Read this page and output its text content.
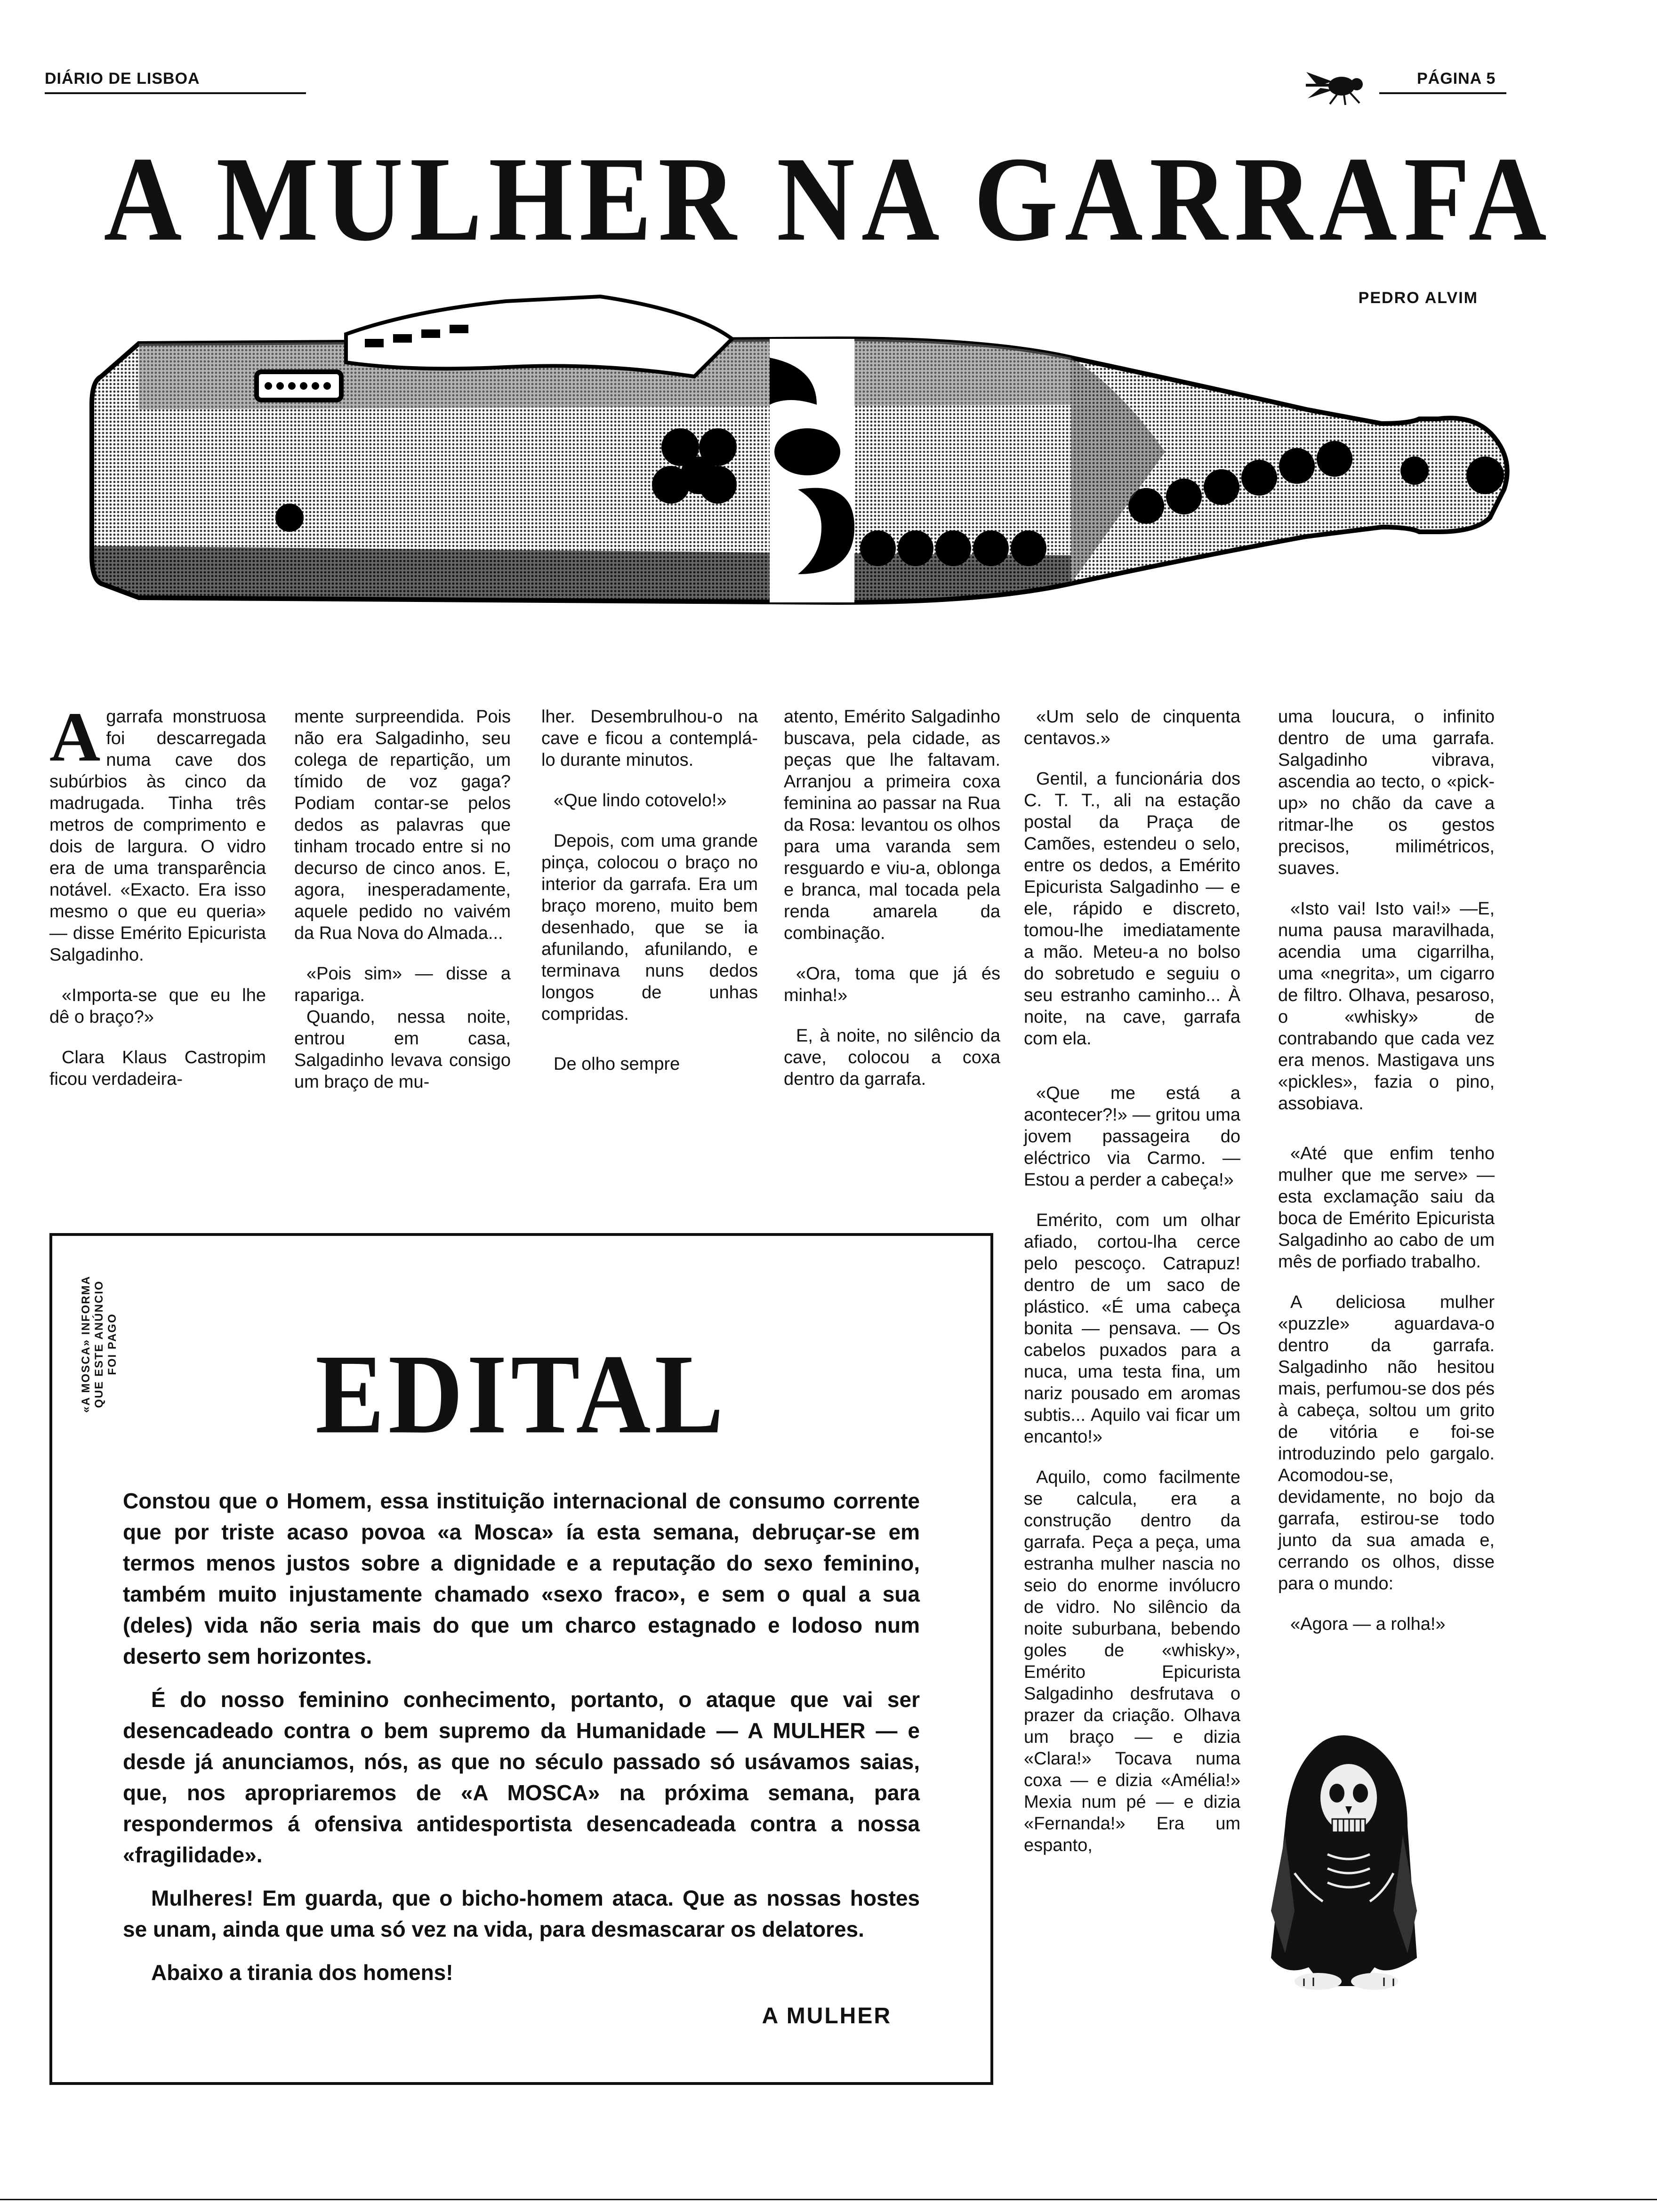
DIÁRIO DE LISBOA	PÁGINA 5
A MULHER NA GARRAFA
PEDRO ALVIM

Agarrafa monstruosa foi descarregada numa cave dos subúrbios às cinco da madrugada. Tinha três metros de comprimento e dois de largura. O vidro era de uma transparência notável. «Exacto. Era isso mesmo o que eu queria» — disse Emérito Epicurista Salgadinho.

«Importa-se que eu lhe dê o braço?»

Clara Klaus Castropim ficou verdadeira-

mente surpreendida. Pois não era Salgadinho, seu colega de repartição, um tímido de voz gaga? Podiam contar-se pelos dedos as palavras que tinham trocado entre si no decurso de cinco anos. E, agora, inesperadamente, aquele pedido no vaivém da Rua Nova do Almada...

«Pois sim» — disse a rapariga.

Quando, nessa noite, entrou em casa, Salgadinho levava consigo um braço de mu-

lher. Desembrulhou-o na cave e ficou a contemplá-lo durante minutos.

«Que lindo cotovelo!»

Depois, com uma grande pinça, colocou o braço no interior da garrafa. Era um braço moreno, muito bem desenhado, que se ia afunilando, afunilando, e terminava nuns dedos longos de unhas compridas.

De olho sempre

atento, Emérito Salgadinho buscava, pela cidade, as peças que lhe faltavam. Arranjou a primeira coxa feminina ao passar na Rua da Rosa: levantou os olhos para uma varanda sem resguardo e viu-a, oblonga e branca, mal tocada pela renda amarela da combinação.

«Ora, toma que já és minha!»

E, à noite, no silêncio da cave, colocou a coxa dentro da garrafa.

«Um selo de cinquenta centavos.»

Gentil, a funcionária dos C. T. T., ali na estação postal da Praça de Camões, estendeu o selo, entre os dedos, a Emérito Epicurista Salgadinho — e ele, rápido e discreto, tomou-lhe imediatamente a mão. Meteu-a no bolso do sobretudo e seguiu o seu estranho caminho... À noite, na cave, garrafa com ela.

«Que me está a acontecer?!» — gritou uma jovem passageira do eléctrico via Carmo. — Estou a perder a cabeça!»

Emérito, com um olhar afiado, cortou-lha cerce pelo pescoço. Catrapuz! dentro de um saco de plástico. «É uma cabeça bonita — pensava. — Os cabelos puxados para a nuca, uma testa fina, um nariz pousado em aromas subtis... Aquilo vai ficar um encanto!»

Aquilo, como facilmente se calcula, era a construção dentro da garrafa. Peça a peça, uma estranha mulher nascia no seio do enorme invólucro de vidro. No silêncio da noite suburbana, bebendo goles de «whisky», Emérito Epicurista Salgadinho desfrutava o prazer da criação. Olhava um braço — e dizia «Clara!» Tocava numa coxa — e dizia «Amélia!» Mexia num pé — e dizia «Fernanda!» Era um espanto,

uma loucura, o infinito dentro de uma garrafa. Salgadinho vibrava, ascendia ao tecto, o «pick-up» no chão da cave a ritmar-lhe os gestos precisos, milimétricos, suaves.

«Isto vai! Isto vai!» —E, numa pausa maravilhada, acendia uma cigarrilha, uma «negrita», um cigarro de filtro. Olhava, pesaroso, o «whisky» de contrabando que cada vez era menos. Mastigava uns «pickles», fazia o pino, assobiava.

«Até que enfim tenho mulher que me serve» — esta exclamação saiu da boca de Emérito Epicurista Salgadinho ao cabo de um mês de porfiado trabalho.

A deliciosa mulher «puzzle» aguardava-o dentro da garrafa. Salgadinho não hesitou mais, perfumou-se dos pés à cabeça, soltou um grito de vitória e foi-se introduzindo pelo gargalo. Acomodou-se, devidamente, no bojo da garrafa, estirou-se todo junto da sua amada e, cerrando os olhos, disse para o mundo:

«Agora — a rolha!»

«A MOSCA» INFORMA QUE ESTE ANÚNCIO FOI PAGO	EDITAL

Constou que o Homem, essa instituição internacional de consumo corrente que por triste acaso povoa «a Mosca» ía esta semana, debruçar-se em termos menos justos sobre a dignidade e a reputação do sexo feminino, também muito injustamente chamado «sexo fraco», e sem o qual a sua (deles) vida não seria mais do que um charco estagnado e lodoso num deserto sem horizontes.

É do nosso feminino conhecimento, portanto, o ataque que vai ser desencadeado contra o bem supremo da Humanidade — A MULHER — e desde já anunciamos, nós, as que no século passado só usávamos saias, que, nos apropriaremos de «A MOSCA» na próxima semana, para respondermos á ofensiva antidesportista desencadeada contra a nossa «fragilidade».

Mulheres! Em guarda, que o bicho-homem ataca. Que as nossas hostes se unam, ainda que uma só vez na vida, para desmascarar os delatores.

Abaixo a tirania dos homens!

A MULHER
